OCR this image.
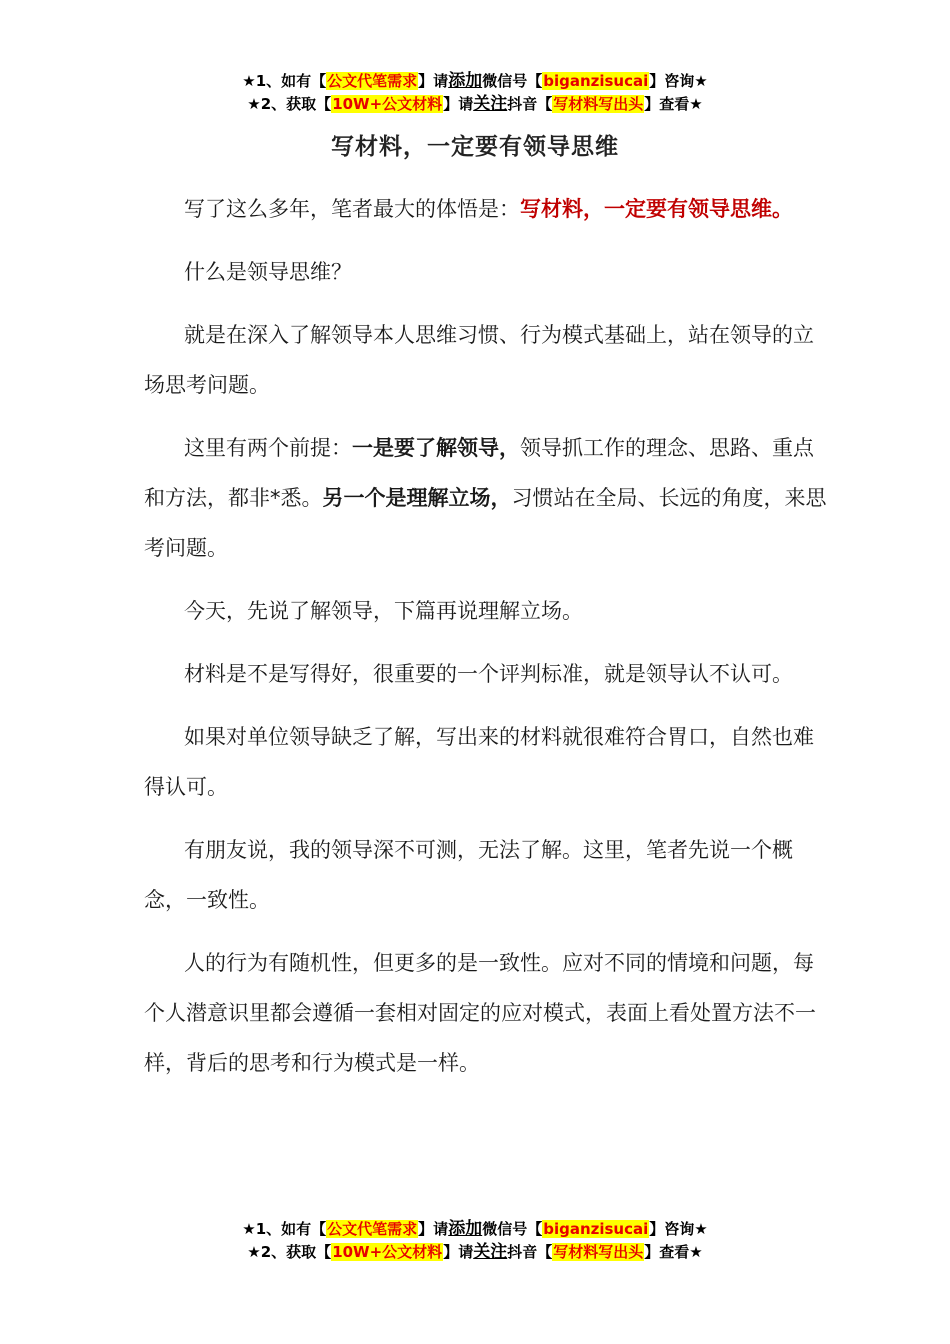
★1、如有【公文代笔需求】请添加微信号【biganzisucai】咨询★
★2、获取【10W+公文材料】请关注抖音【写材料写出头】查看★
写材料，一定要有领导思维

写了这么多年，笔者最大的体悟是：写材料，一定要有领导思维。

什么是领导思维？

就是在深入了解领导本人思维习惯、行为模式基础上，站在领导的立场思考问题。

这里有两个前提：一是要了解领导，领导抓工作的理念、思路、重点和方法，都非*悉。另一个是理解立场，习惯站在全局、长远的角度，来思考问题。

今天，先说了解领导，下篇再说理解立场。

材料是不是写得好，很重要的一个评判标准，就是领导认不认可。

如果对单位领导缺乏了解，写出来的材料就很难符合胃口，自然也难得认可。

有朋友说，我的领导深不可测，无法了解。这里，笔者先说一个概念，一致性。

人的行为有随机性，但更多的是一致性。应对不同的情境和问题，每个人潜意识里都会遵循一套相对固定的应对模式，表面上看处置方法不一样，背后的思考和行为模式是一样。

★1、如有【公文代笔需求】请添加微信号【biganzisucai】咨询★
★2、获取【10W+公文材料】请关注抖音【写材料写出头】查看★
